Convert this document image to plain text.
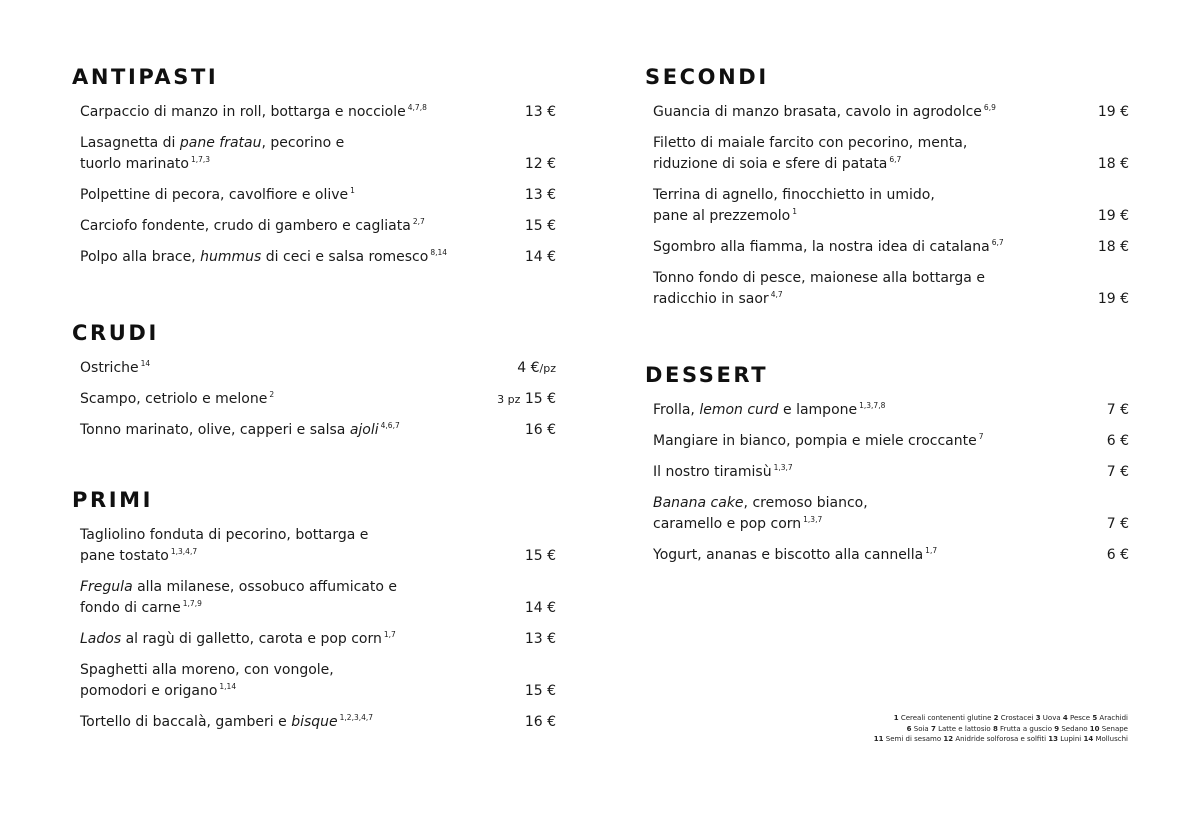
ANTIPASTI
Carpaccio di manzo in roll, bottarga e nocciole $^{4,7,8}$	13 €
Lasagnetta di pane fratau, pecorino e
tuorlo marinato $^{1,7,3}$	12 €
Polpettine di pecora, cavolfiore e olive $^1$	13 €
Carciofo fondente, crudo di gambero e cagliata $^{2,7}$	15 €
Polpo alla brace, hummus di ceci e salsa romesco $^{8,14}$	14 €
CRUDI
Ostriche $^{14}$	4 €/pz
Scampo, cetriolo e melone $^2$	3 pz 15 €
Tonno marinato, olive, capperi e salsa ajoli $^{4,6,7}$	16 €
PRIMI
Tagliolino fonduta di pecorino, bottarga e
pane tostato $^{1,3,4,7}$	15 €
Fregula alla milanese, ossobuco affumicato e
fondo di carne $^{1,7,9}$	14 €
Lados al ragù di galletto, carota e pop corn $^{1,7}$	13 €
Spaghetti alla moreno, con vongole,
pomodori e origano $^{1,14}$	15 €
Tortello di baccalà, gamberi e bisque $^{1,2,3,4,7}$	16 €
SECONDI
Guancia di manzo brasata, cavolo in agrodolce $^{6,9}$	19 €
Filetto di maiale farcito con pecorino, menta,
riduzione di soia e sfere di patata $^{6,7}$	18 €
Terrina di agnello, finocchietto in umido,
pane al prezzemolo $^1$	19 €
Sgombro alla fiamma, la nostra idea di catalana $^{6,7}$	18 €
Tonno fondo di pesce, maionese alla bottarga e
radicchio in saor $^{4,7}$	19 €
DESSERT
Frolla, lemon curd e lampone $^{1,3,7,8}$	7 €
Mangiare in bianco, pompia e miele croccante $^7$	6 €
Il nostro tiramisù $^{1,3,7}$	7 €
Banana cake, cremoso bianco,
caramello e pop corn $^{1,3,7}$	7 €
Yogurt, ananas e biscotto alla cannella $^{1,7}$	6 €
1 Cereali contenenti glutine 2 Crostacei 3 Uova 4 Pesce 5 Arachidi
6 Soia 7 Latte e lattosio 8 Frutta a guscio 9 Sedano 10 Senape
11 Semi di sesamo 12 Anidride solforosa e solfiti 13 Lupini 14 Molluschi
